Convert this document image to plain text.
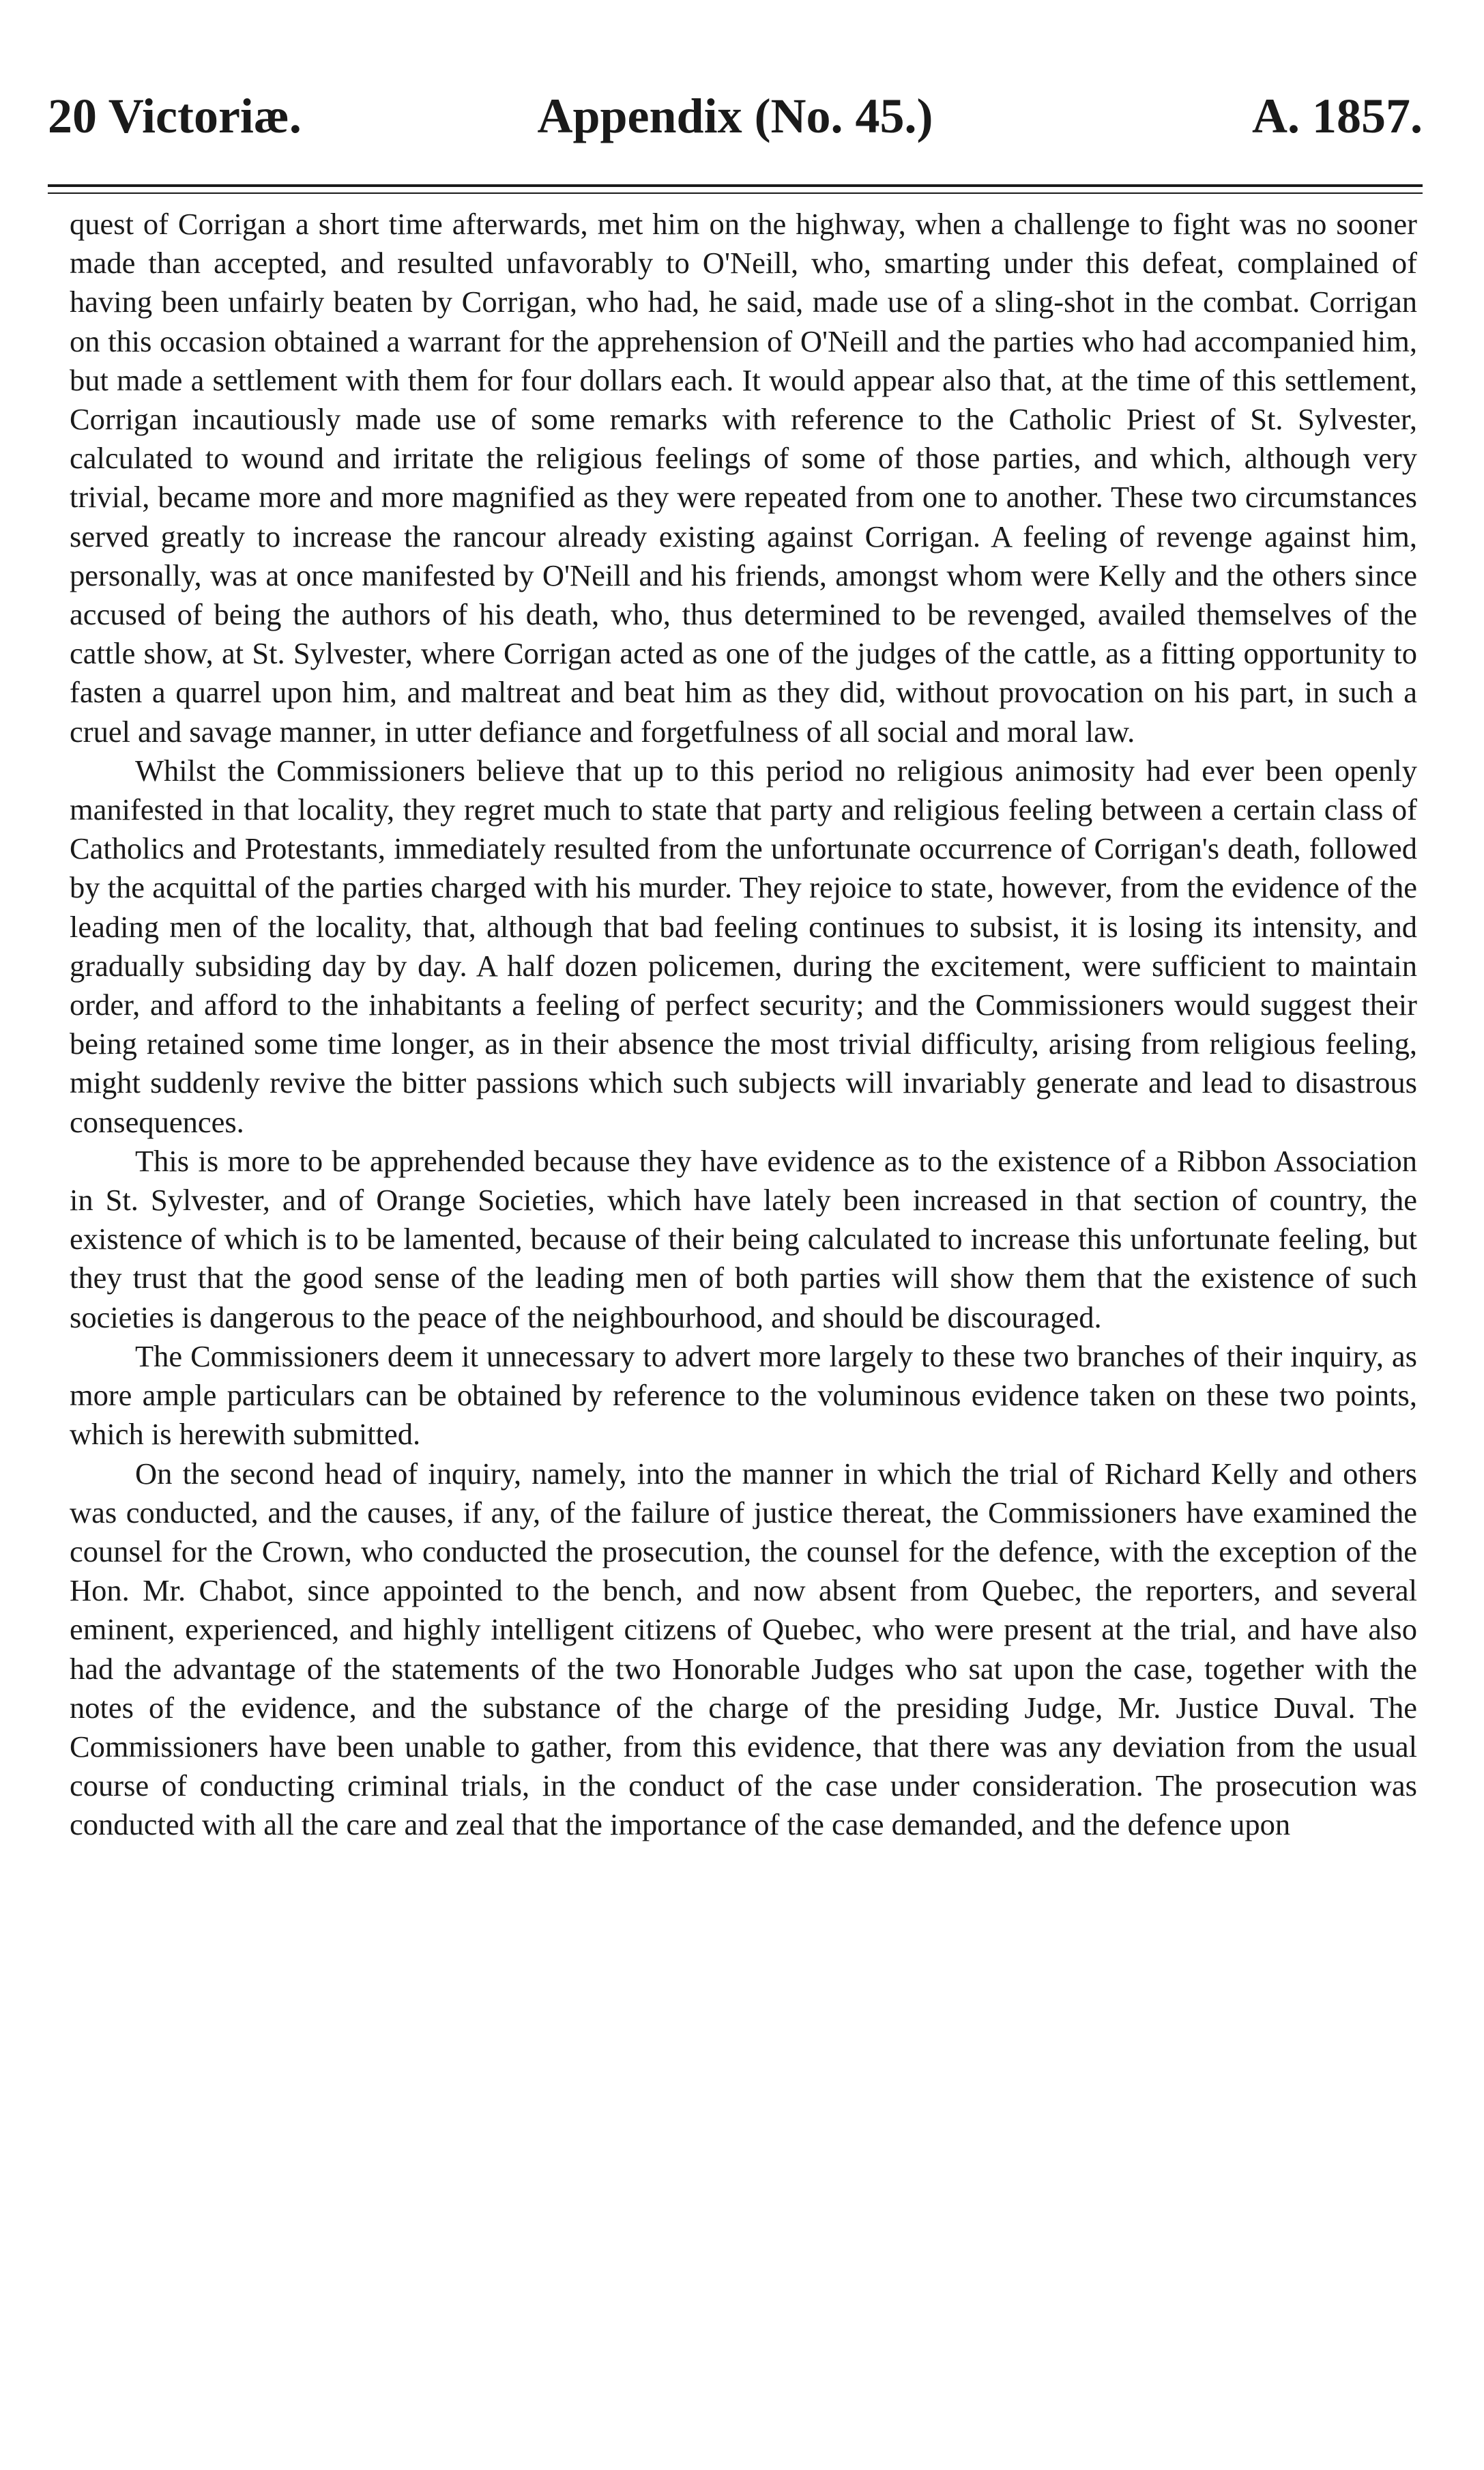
Appendix (No. 45.)
20 Victoriæ.	A. 1857.

quest of Corrigan a short time afterwards, met him on the highway, when a challenge to fight was no sooner made than accepted, and resulted unfavorably to O'Neill, who, smarting under this defeat, complained of having been unfairly beaten by Corrigan, who had, he said, made use of a sling-shot in the combat. Corrigan on this occasion obtained a warrant for the apprehension of O'Neill and the parties who had accompanied him, but made a settlement with them for four dollars each. It would appear also that, at the time of this settlement, Corrigan incautiously made use of some remarks with reference to the Catholic Priest of St. Sylvester, calculated to wound and irritate the religious feelings of some of those parties, and which, although very trivial, became more and more magnified as they were repeated from one to another. These two circumstances served greatly to increase the rancour already existing against Corrigan. A feeling of revenge against him, personally, was at once manifested by O'Neill and his friends, amongst whom were Kelly and the others since accused of being the authors of his death, who, thus determined to be revenged, availed themselves of the cattle show, at St. Sylvester, where Corrigan acted as one of the judges of the cattle, as a fitting opportunity to fasten a quarrel upon him, and maltreat and beat him as they did, without provocation on his part, in such a cruel and savage manner, in utter defiance and forgetfulness of all social and moral law.

Whilst the Commissioners believe that up to this period no religious animosity had ever been openly manifested in that locality, they regret much to state that party and religious feeling between a certain class of Catholics and Protestants, immediately resulted from the unfortunate occurrence of Corrigan's death, followed by the acquittal of the parties charged with his murder. They rejoice to state, however, from the evidence of the leading men of the locality, that, although that bad feeling continues to subsist, it is losing its intensity, and gradually subsiding day by day. A half dozen policemen, during the excitement, were sufficient to maintain order, and afford to the inhabitants a feeling of perfect security; and the Commissioners would suggest their being retained some time longer, as in their absence the most trivial difficulty, arising from religious feeling, might suddenly revive the bitter passions which such subjects will invariably generate and lead to disastrous consequences.

This is more to be apprehended because they have evidence as to the existence of a Ribbon Association in St. Sylvester, and of Orange Societies, which have lately been increased in that section of country, the existence of which is to be lamented, because of their being calculated to increase this unfortunate feeling, but they trust that the good sense of the leading men of both parties will show them that the existence of such societies is dangerous to the peace of the neighbourhood, and should be discouraged.

The Commissioners deem it unnecessary to advert more largely to these two branches of their inquiry, as more ample particulars can be obtained by reference to the voluminous evidence taken on these two points, which is herewith submitted.

On the second head of inquiry, namely, into the manner in which the trial of Richard Kelly and others was conducted, and the causes, if any, of the failure of justice thereat, the Commissioners have examined the counsel for the Crown, who conducted the prosecution, the counsel for the defence, with the exception of the Hon. Mr. Chabot, since appointed to the bench, and now absent from Quebec, the reporters, and several eminent, experienced, and highly intelligent citizens of Quebec, who were present at the trial, and have also had the advantage of the statements of the two Honorable Judges who sat upon the case, together with the notes of the evidence, and the substance of the charge of the presiding Judge, Mr. Justice Duval. The Commissioners have been unable to gather, from this evidence, that there was any deviation from the usual course of conducting criminal trials, in the conduct of the case under consideration. The prosecution was conducted with all the care and zeal that the importance of the case demanded, and the defence upon
